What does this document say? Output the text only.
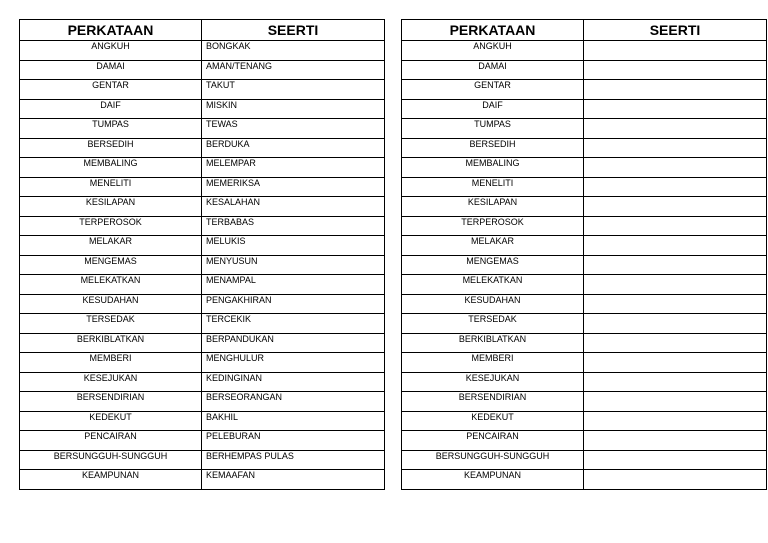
PERKATAAN	SEERTI
ANGKUH	BONGKAK
DAMAI	AMAN/TENANG
GENTAR	TAKUT
DAIF	MISKIN
TUMPAS	TEWAS
BERSEDIH	BERDUKA
MEMBALING	MELEMPAR
MENELITI	MEMERIKSA
KESILAPAN	KESALAHAN
TERPEROSOK	TERBABAS
MELAKAR	MELUKIS
MENGEMAS	MENYUSUN
MELEKATKAN	MENAMPAL
KESUDAHAN	PENGAKHIRAN
TERSEDAK	TERCEKIK
BERKIBLATKAN	BERPANDUKAN
MEMBERI	MENGHULUR
KESEJUKAN	KEDINGINAN
BERSENDIRIAN	BERSEORANGAN
KEDEKUT	BAKHIL
PENCAIRAN	PELEBURAN
BERSUNGGUH-SUNGGUH	BERHEMPAS PULAS
KEAMPUNAN	KEMAAFAN
PERKATAAN	SEERTI
ANGKUH	
DAMAI	
GENTAR	
DAIF	
TUMPAS	
BERSEDIH	
MEMBALING	
MENELITI	
KESILAPAN	
TERPEROSOK	
MELAKAR	
MENGEMAS	
MELEKATKAN	
KESUDAHAN	
TERSEDAK	
BERKIBLATKAN	
MEMBERI	
KESEJUKAN	
BERSENDIRIAN	
KEDEKUT	
PENCAIRAN	
BERSUNGGUH-SUNGGUH	
KEAMPUNAN	
